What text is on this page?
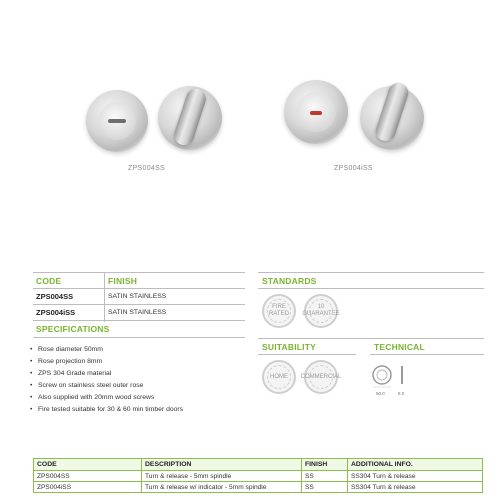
ZPS004SS	ZPS004iSS
CODE	FINISH
ZPS004SS	SATIN STAINLESS
ZPS004iSS	SATIN STAINLESS
SPECIFICATIONS
• Rose diameter 50mm
• Rose projection 8mm
• ZPS 304 Grade material
• Screw on stainless steel outer rose
• Also supplied with 20mm wood screws
• Fire tested suitable for 30 & 60 min timber doors
STANDARDS
FIRE RATED
10 GUARANTEE
SUITABILITY
HOME COMMERCIAL
TECHNICAL
50.0	8.0
CODE	DESCRIPTION	FINISH	ADDITIONAL INFO.
ZPS004SS	Turn & release - 5mm spindle	SS	SS304 Turn & release
ZPS004iSS	Turn & release w/ indicator - 5mm spindle	SS	SS304 Turn & release
